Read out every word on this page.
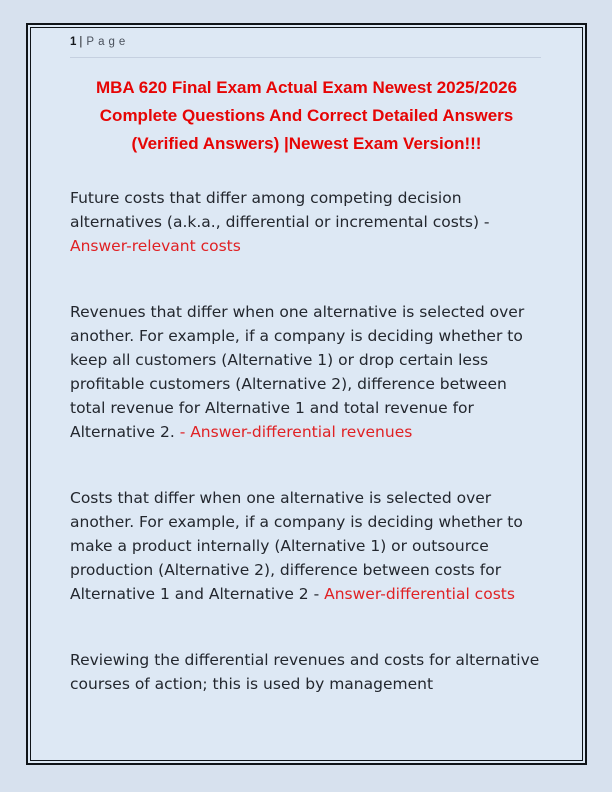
1 | Page
MBA 620 Final Exam Actual Exam Newest 2025/2026 Complete Questions And Correct Detailed Answers (Verified Answers) |Newest Exam Version!!!

Future costs that differ among competing decision alternatives (a.k.a., differential or incremental costs) - Answer-relevant costs

Revenues that differ when one alternative is selected over another. For example, if a company is deciding whether to keep all customers (Alternative 1) or drop certain less profitable customers (Alternative 2), difference between total revenue for Alternative 1 and total revenue for Alternative 2. - Answer-differential revenues

Costs that differ when one alternative is selected over another. For example, if a company is deciding whether to make a product internally (Alternative 1) or outsource production (Alternative 2), difference between costs for Alternative 1 and Alternative 2 - Answer-differential costs

Reviewing the differential revenues and costs for alternative courses of action; this is used by management
